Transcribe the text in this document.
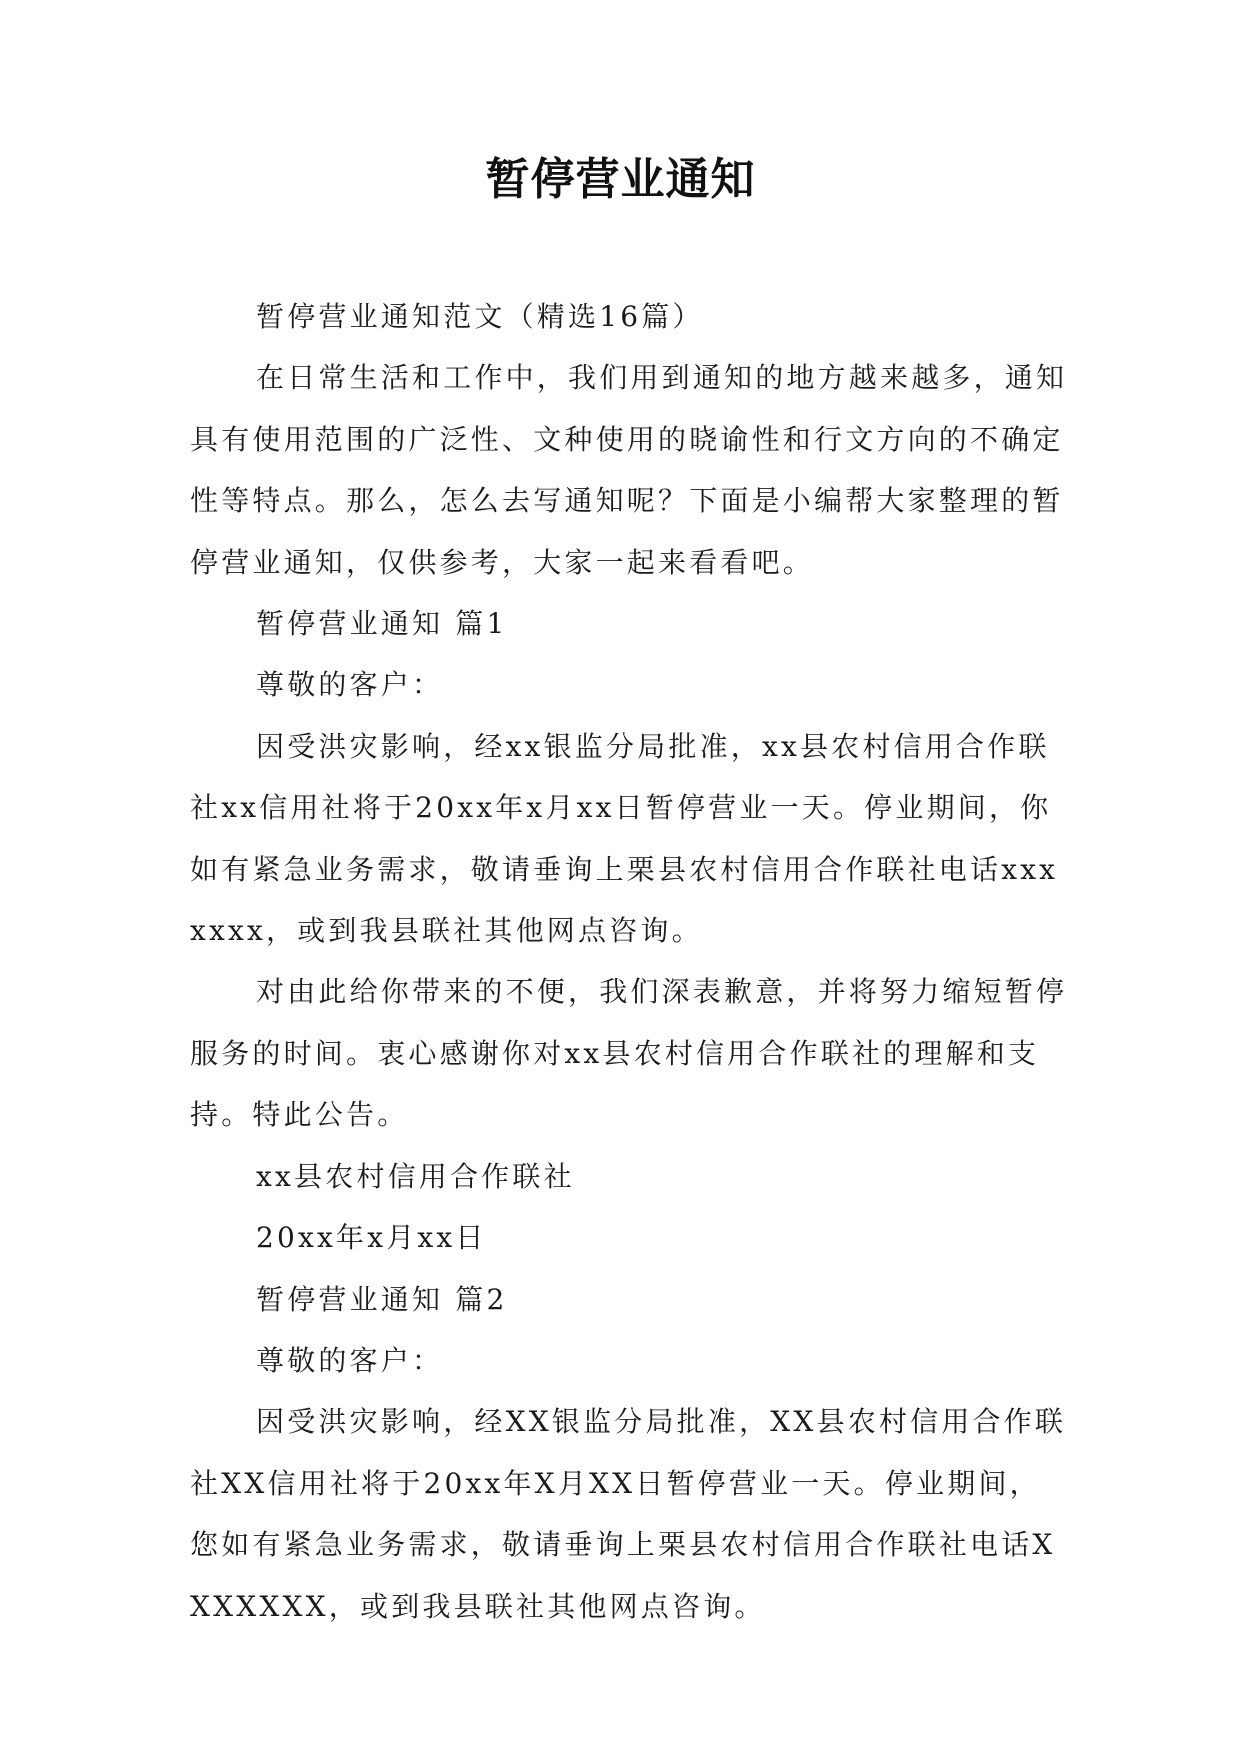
暂停营业通知

暂停营业通知范文（精选16篇）

在日常生活和工作中，我们用到通知的地方越来越多，通知具有使用范围的广泛性、文种使用的晓谕性和行文方向的不确定性等特点。那么，怎么去写通知呢？下面是小编帮大家整理的暂停营业通知，仅供参考，大家一起来看看吧。

暂停营业通知 篇1

尊敬的客户：

因受洪灾影响，经xx银监分局批准，xx县农村信用合作联社xx信用社将于20xx年x月xx日暂停营业一天。停业期间，你如有紧急业务需求，敬请垂询上栗县农村信用合作联社电话xxxxxxx，或到我县联社其他网点咨询。

对由此给你带来的不便，我们深表歉意，并将努力缩短暂停服务的时间。衷心感谢你对xx县农村信用合作联社的理解和支持。特此公告。

xx县农村信用合作联社

20xx年x月xx日

暂停营业通知 篇2

尊敬的客户：

因受洪灾影响，经XX银监分局批准，XX县农村信用合作联社XX信用社将于20xx年X月XX日暂停营业一天。停业期间，您如有紧急业务需求，敬请垂询上栗县农村信用合作联社电话XXXXXXX，或到我县联社其他网点咨询。
